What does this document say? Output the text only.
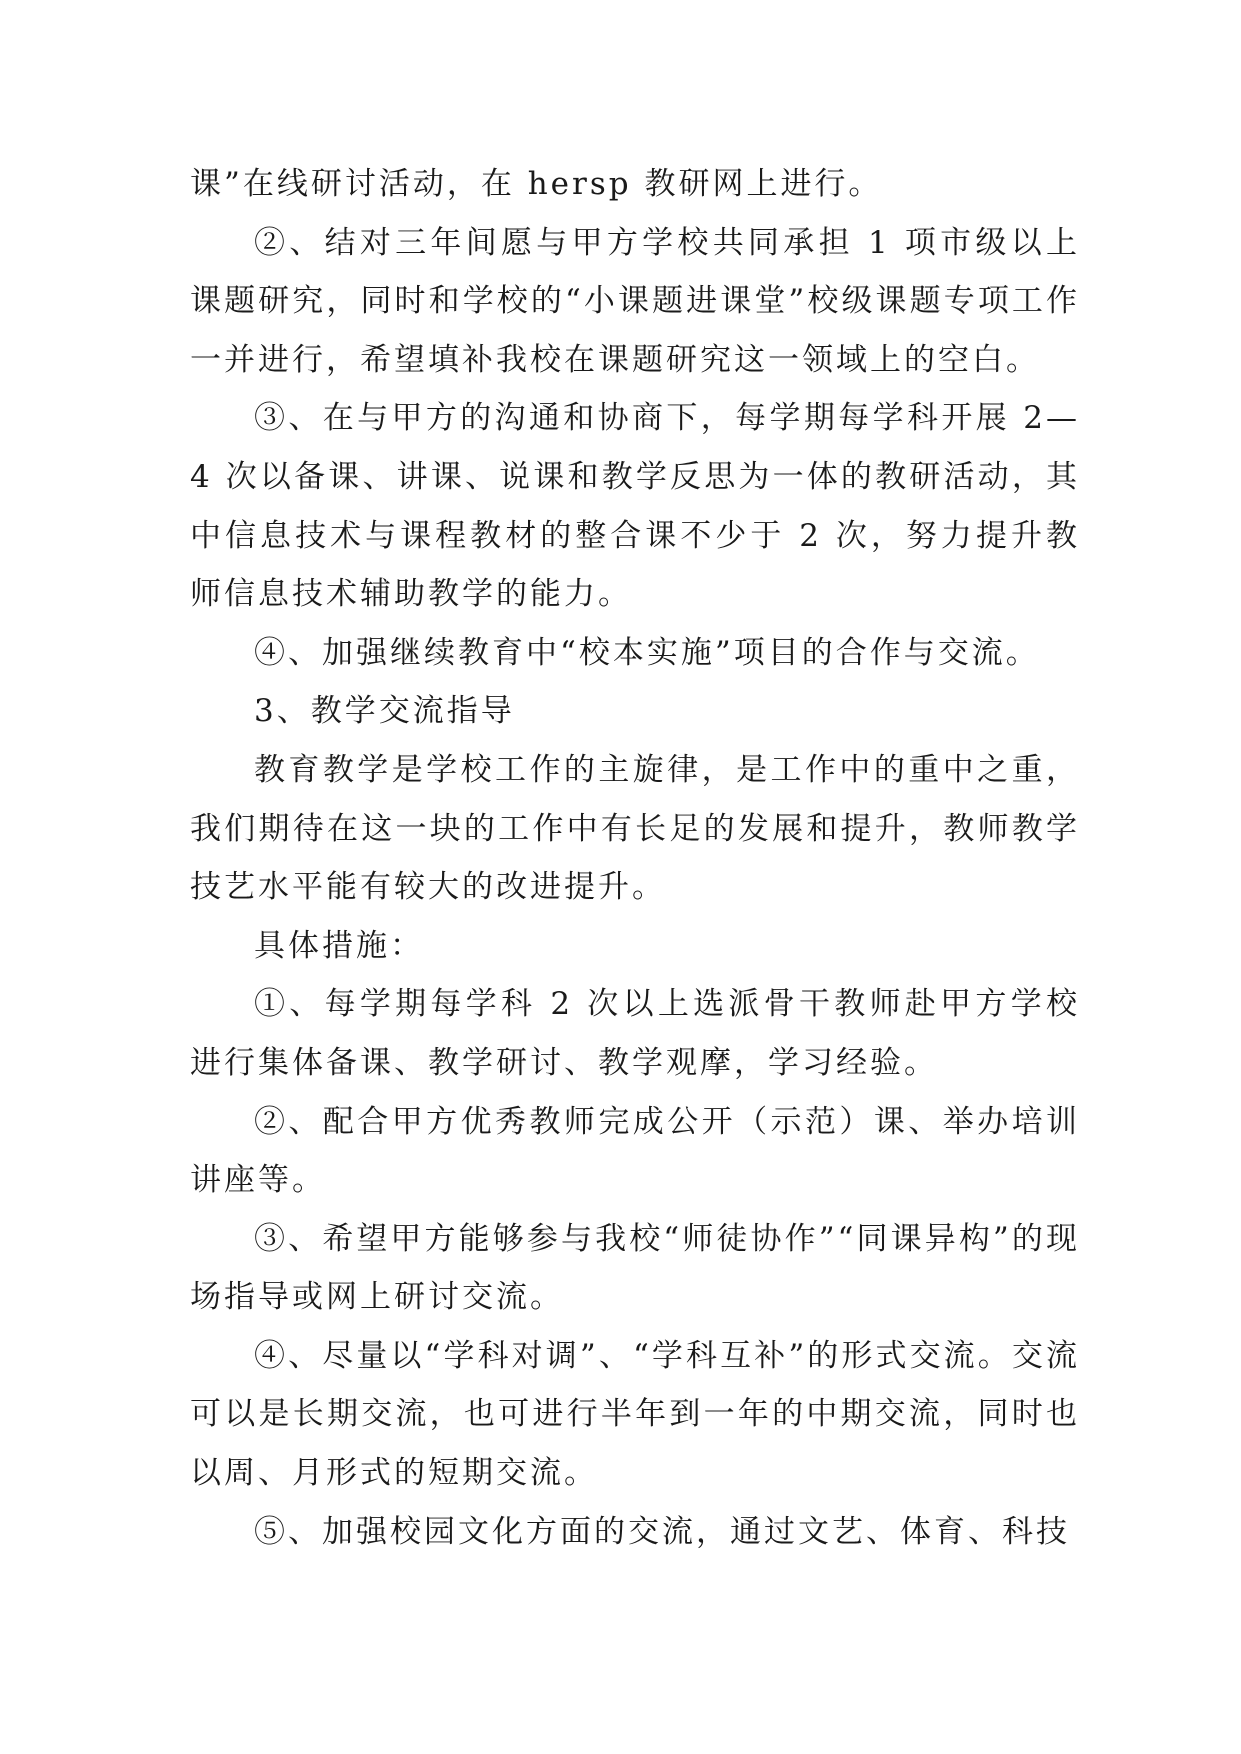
课”在线研讨活动，在 hersp 教研网上进行。

②、结对三年间愿与甲方学校共同承担 1 项市级以上课题研究，同时和学校的“小课题进课堂”校级课题专项工作一并进行，希望填补我校在课题研究这一领域上的空白。

③、在与甲方的沟通和协商下，每学期每学科开展 2—4 次以备课、讲课、说课和教学反思为一体的教研活动，其中信息技术与课程教材的整合课不少于 2 次，努力提升教师信息技术辅助教学的能力。

④、加强继续教育中“校本实施”项目的合作与交流。

3、教学交流指导

教育教学是学校工作的主旋律，是工作中的重中之重，我们期待在这一块的工作中有长足的发展和提升，教师教学技艺水平能有较大的改进提升。

具体措施：

①、每学期每学科 2 次以上选派骨干教师赴甲方学校进行集体备课、教学研讨、教学观摩，学习经验。

②、配合甲方优秀教师完成公开（示范）课、举办培训讲座等。

③、希望甲方能够参与我校“师徒协作”“同课异构”的现场指导或网上研讨交流。

④、尽量以“学科对调”、“学科互补”的形式交流。交流可以是长期交流，也可进行半年到一年的中期交流，同时也以周、月形式的短期交流。

⑤、加强校园文化方面的交流，通过文艺、体育、科技
